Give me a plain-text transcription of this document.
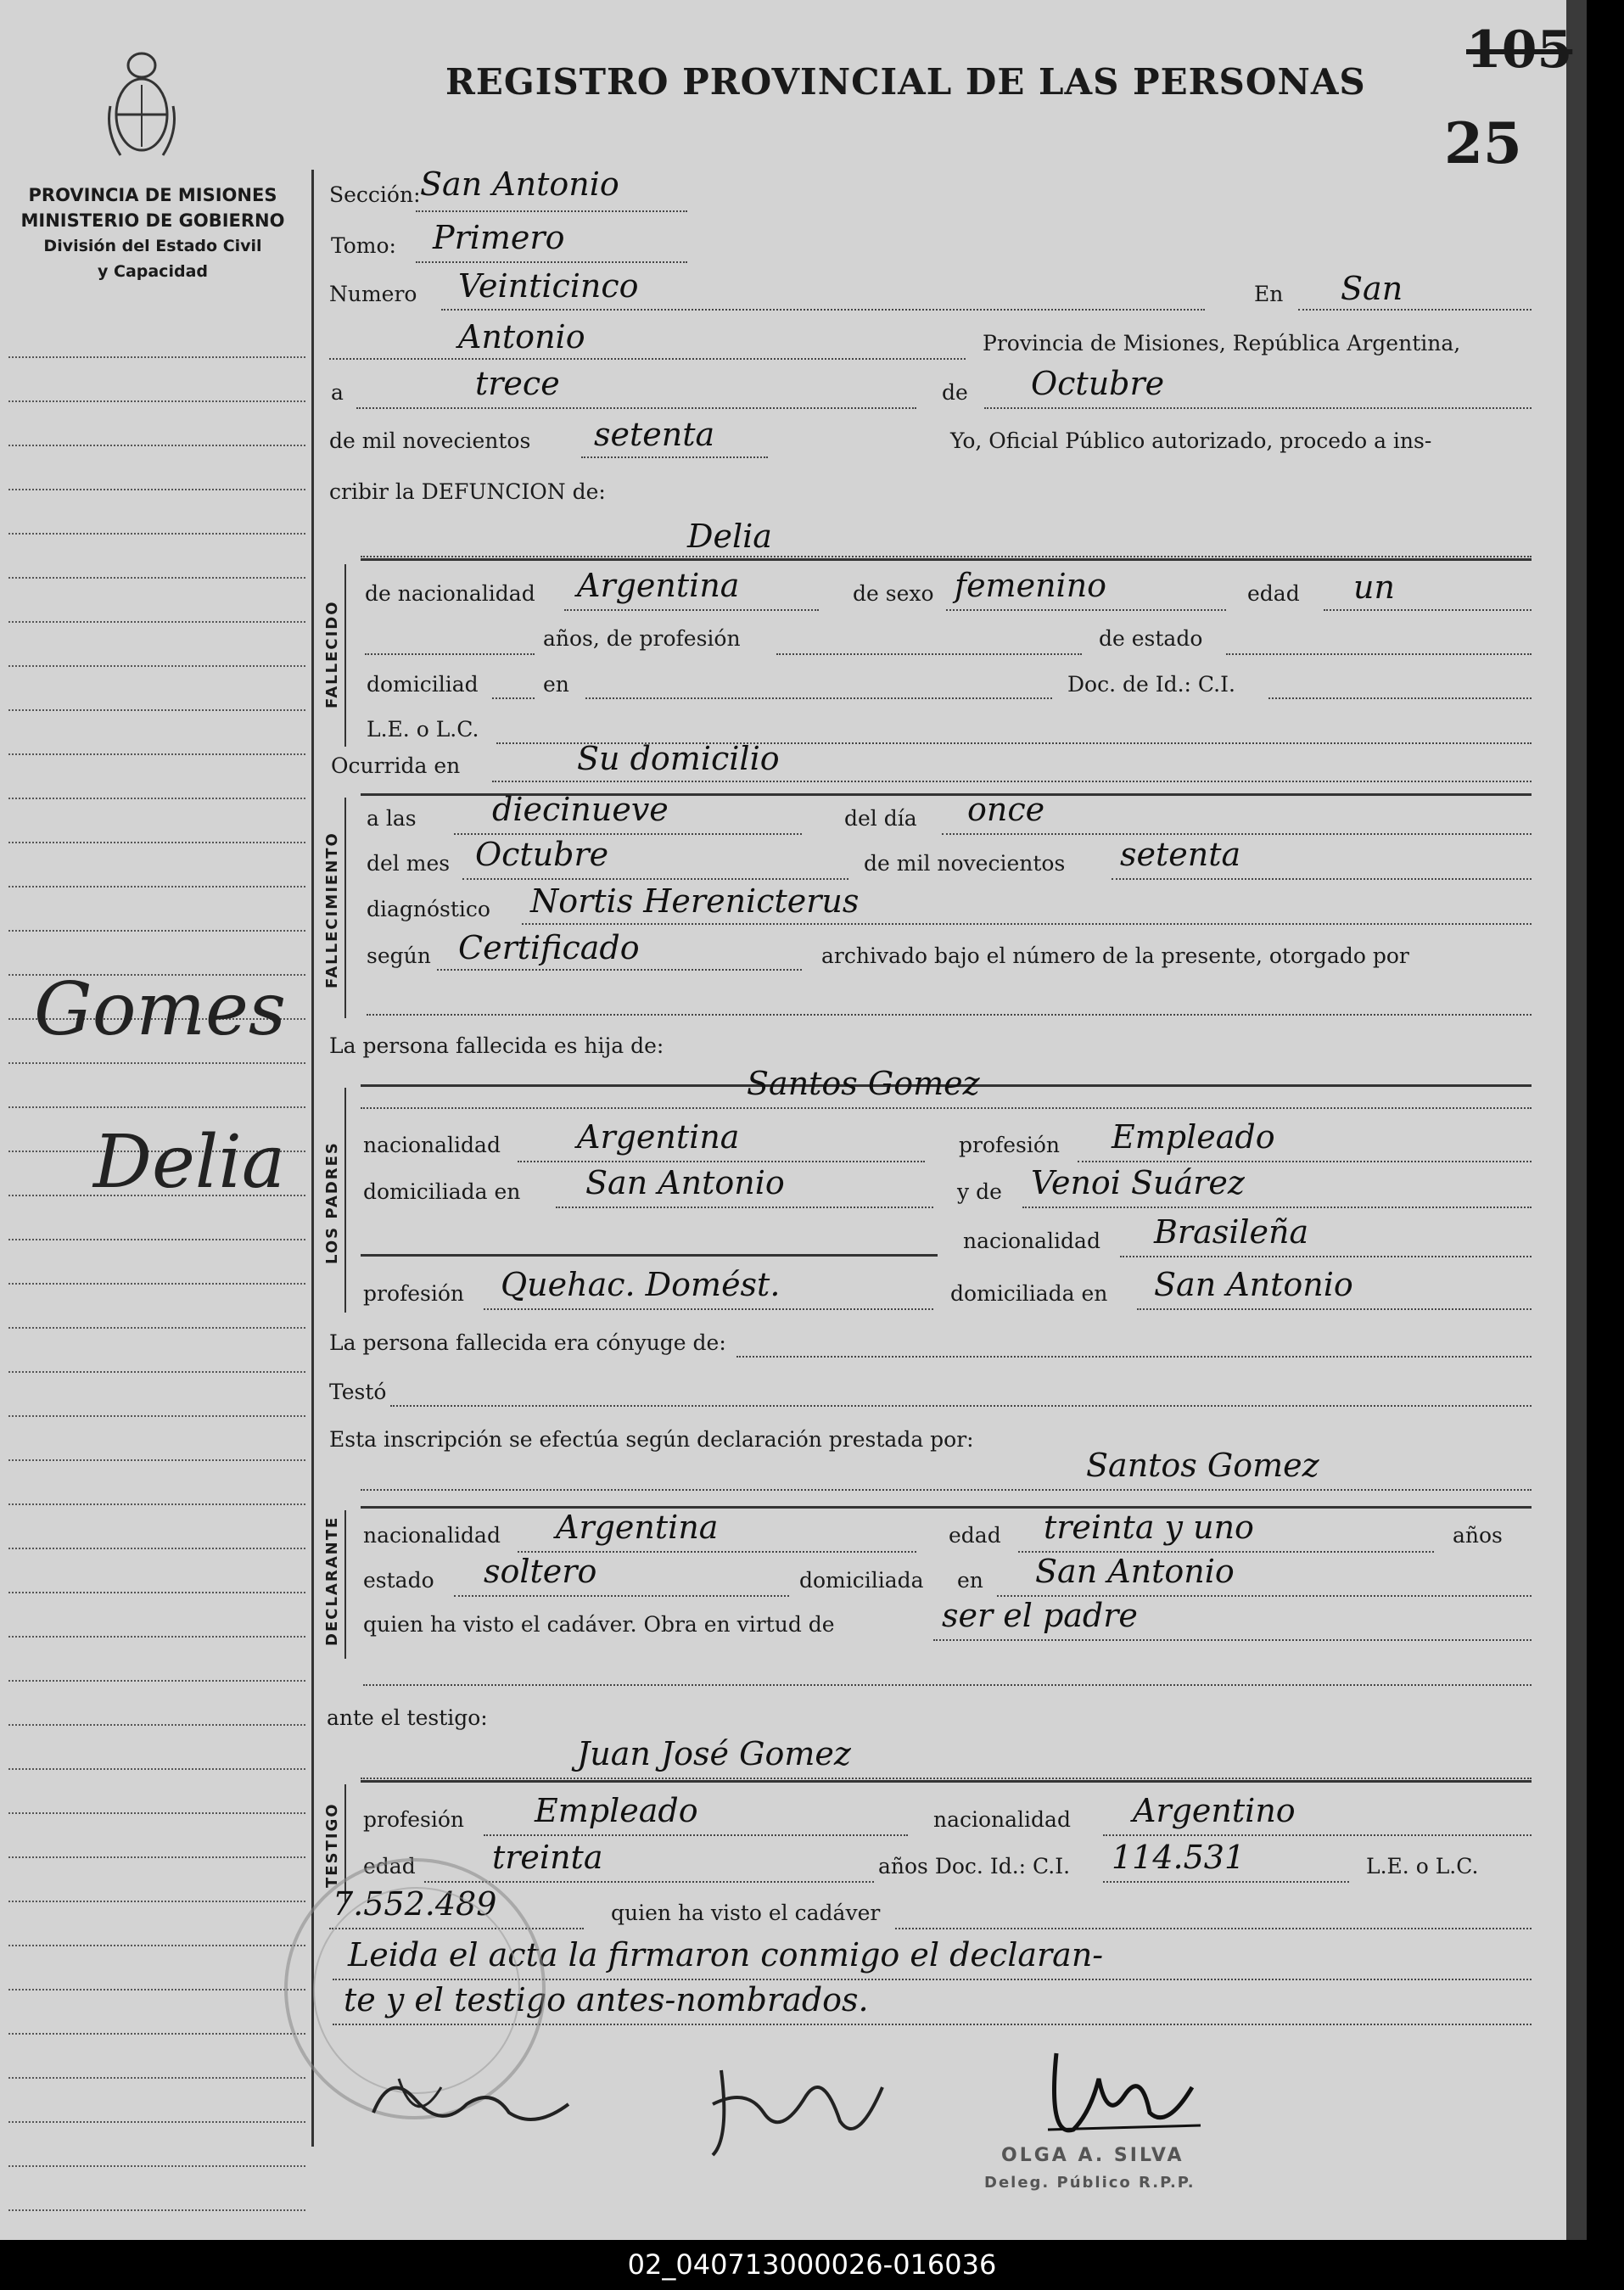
REGISTRO PROVINCIAL DE LAS PERSONAS
105
25
PROVINCIA DE MISIONES
MINISTERIO DE GOBIERNO
División del Estado Civil
y Capacidad
Gomes
Delia
Sección: San Antonio
Tomo: Primero
Numero Veinticinco	En San
Antonio	Provincia de Misiones, República Argentina,
a	trece	de Octubre
de mil novecientos setenta	Yo, Oficial Público autorizado, procedo a ins-
cribir la DEFUNCION de:
Delia
FALLECIDO
de nacionalidad Argentina	de sexo femenino	edad un
años, de profesión	de estado
domiciliad	en	Doc. de Id.: C.I.
L.E. o L.C.
Ocurrida en	Su domicilio
FALLECIMIENTO
a las diecinueve	del día once
del mes Octubre	de mil novecientos setenta
diagnóstico Nortis Herenicterus
según Certificado	archivado bajo el número de la presente, otorgado por
La persona fallecida es hija de:
LOS PADRES
Santos Gomez
nacionalidad Argentina	profesión Empleado
domiciliada en San Antonio	y de Venoi Suárez
nacionalidad Brasileña
profesión Quehac. Domést.	domiciliada en San Antonio
La persona fallecida era cónyuge de:
Testó
Esta inscripción se efectúa según declaración prestada por:
Santos Gomez
DECLARANTE nacionalidad Argentina	edad treinta y uno	años
estado soltero	domiciliada en San Antonio
quien ha visto el cadáver. Obra en virtud de	ser el padre
ante el testigo:
Juan José Gomez
TESTIGO profesión Empleado	nacionalidad Argentino
edad treinta	años Doc. Id.: C.I. 114.531	L.E. o L.C.
7.552.489	quien ha visto el cadáver
Leida el acta la firmaron conmigo el declaran-
te y el testigo antes-nombrados.
OLGA A. SILVA
Deleg. Público R.P.P.
02_040713000026-016036
